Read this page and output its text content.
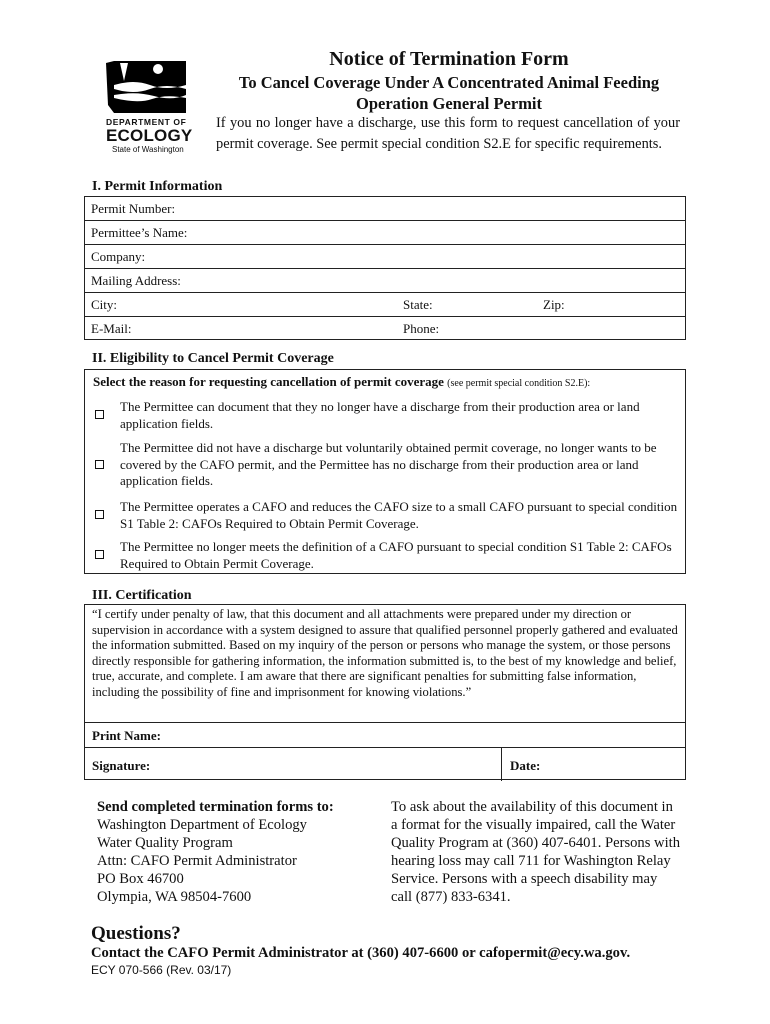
DEPARTMENT OF
ECOLOGY
State of Washington
Notice of Termination Form
To Cancel Coverage Under A Concentrated Animal Feeding Operation General Permit
If you no longer have a discharge, use this form to request cancellation of your permit coverage. See permit special condition S2.E for specific requirements.
I. Permit Information
Permit Number:
Permittee’s Name:
Company:
Mailing Address:
City:	State:	Zip:
E-Mail:	Phone:
II. Eligibility to Cancel Permit Coverage
Select the reason for requesting cancellation of permit coverage (see permit special condition S2.E):
The Permittee can document that they no longer have a discharge from their production area or land application fields.
The Permittee did not have a discharge but voluntarily obtained permit coverage, no longer wants to be covered by the CAFO permit, and the Permittee has no discharge from their production area or land application fields.
The Permittee operates a CAFO and reduces the CAFO size to a small CAFO pursuant to special condition S1 Table 2: CAFOs Required to Obtain Permit Coverage.
The Permittee no longer meets the definition of a CAFO pursuant to special condition S1 Table 2: CAFOs Required to Obtain Permit Coverage.
III. Certification
“I certify under penalty of law, that this document and all attachments were prepared under my direction or supervision in accordance with a system designed to assure that qualified personnel properly gathered and evaluated the information submitted. Based on my inquiry of the person or persons who manage the system, or those persons directly responsible for gathering information, the information submitted is, to the best of my knowledge and belief, true, accurate, and complete. I am aware that there are significant penalties for submitting false information, including the possibility of fine and imprisonment for knowing violations.”
Print Name:
Signature:	Date:
Send completed termination forms to:
Washington Department of Ecology
Water Quality Program
Attn: CAFO Permit Administrator
PO Box 46700
Olympia, WA 98504-7600
To ask about the availability of this document in a format for the visually impaired, call the Water Quality Program at (360) 407-6401. Persons with hearing loss may call 711 for Washington Relay Service. Persons with a speech disability may call (877) 833-6341.
Questions?
Contact the CAFO Permit Administrator at (360) 407-6600 or cafopermit@ecy.wa.gov.
ECY 070-566 (Rev. 03/17)
